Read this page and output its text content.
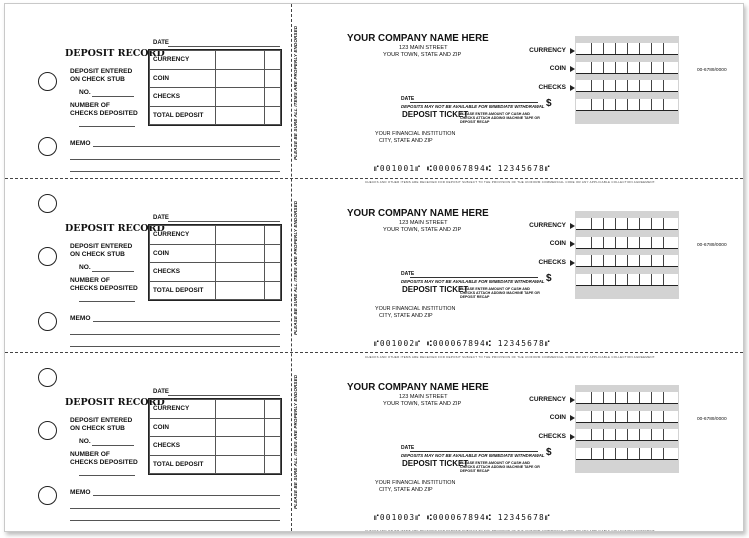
DEPOSIT RECORD
DATE
DEPOSIT ENTERED
ON CHECK STUB
NO.
NUMBER OF
CHECKS DEPOSITED
CURRENCY		
COIN		
CHECKS		
TOTAL DEPOSIT		
MEMO	PLEASE BE SURE ALL ITEMS ARE PROPERLY ENDORSED	YOUR COMPANY NAME HERE
123 MAIN STREET
YOUR TOWN, STATE AND ZIP
CURRENCY
COIN
CHECKS
00-6789/0000
DATE
DEPOSITS MAY NOT BE AVAILABLE FOR IMMEDIATE WITHDRAWAL
DEPOSIT TICKET
PLEASE ENTER AMOUNT OF CASH AND CHECKS ATTACH ADDING MACHINE TAPE OR DEPOSIT RECAP
$
YOUR FINANCIAL INSTITUTION
CITY, STATE AND ZIP
⑈001001⑈ ⑆000067894⑆ 12345678⑈
CHECKS AND OTHER ITEMS ARE RECEIVED FOR DEPOSIT SUBJECT TO THE PROVISION OF THE UNIFORM COMMERCIAL CODE OR ANY APPLICABLE COLLECTION AGREEMENT.
DEPOSIT RECORD
DATE
DEPOSIT ENTERED
ON CHECK STUB
NO.
NUMBER OF
CHECKS DEPOSITED
CURRENCY		
COIN		
CHECKS		
TOTAL DEPOSIT		
MEMO	PLEASE BE SURE ALL ITEMS ARE PROPERLY ENDORSED	YOUR COMPANY NAME HERE
123 MAIN STREET
YOUR TOWN, STATE AND ZIP
CURRENCY
COIN
CHECKS
00-6789/0000
DATE
DEPOSITS MAY NOT BE AVAILABLE FOR IMMEDIATE WITHDRAWAL
DEPOSIT TICKET
PLEASE ENTER AMOUNT OF CASH AND CHECKS ATTACH ADDING MACHINE TAPE OR DEPOSIT RECAP
$
YOUR FINANCIAL INSTITUTION
CITY, STATE AND ZIP
⑈001002⑈ ⑆000067894⑆ 12345678⑈
CHECKS AND OTHER ITEMS ARE RECEIVED FOR DEPOSIT SUBJECT TO THE PROVISION OF THE UNIFORM COMMERCIAL CODE OR ANY APPLICABLE COLLECTION AGREEMENT.
DEPOSIT RECORD
DATE
DEPOSIT ENTERED
ON CHECK STUB
NO.
NUMBER OF
CHECKS DEPOSITED
CURRENCY		
COIN		
CHECKS		
TOTAL DEPOSIT		
MEMO	PLEASE BE SURE ALL ITEMS ARE PROPERLY ENDORSED	YOUR COMPANY NAME HERE
123 MAIN STREET
YOUR TOWN, STATE AND ZIP
CURRENCY
COIN
CHECKS
00-6789/0000
DATE
DEPOSITS MAY NOT BE AVAILABLE FOR IMMEDIATE WITHDRAWAL
DEPOSIT TICKET
PLEASE ENTER AMOUNT OF CASH AND CHECKS ATTACH ADDING MACHINE TAPE OR DEPOSIT RECAP
$
YOUR FINANCIAL INSTITUTION
CITY, STATE AND ZIP
⑈001003⑈ ⑆000067894⑆ 12345678⑈
CHECKS AND OTHER ITEMS ARE RECEIVED FOR DEPOSIT SUBJECT TO THE PROVISION OF THE UNIFORM COMMERCIAL CODE OR ANY APPLICABLE COLLECTION AGREEMENT.
